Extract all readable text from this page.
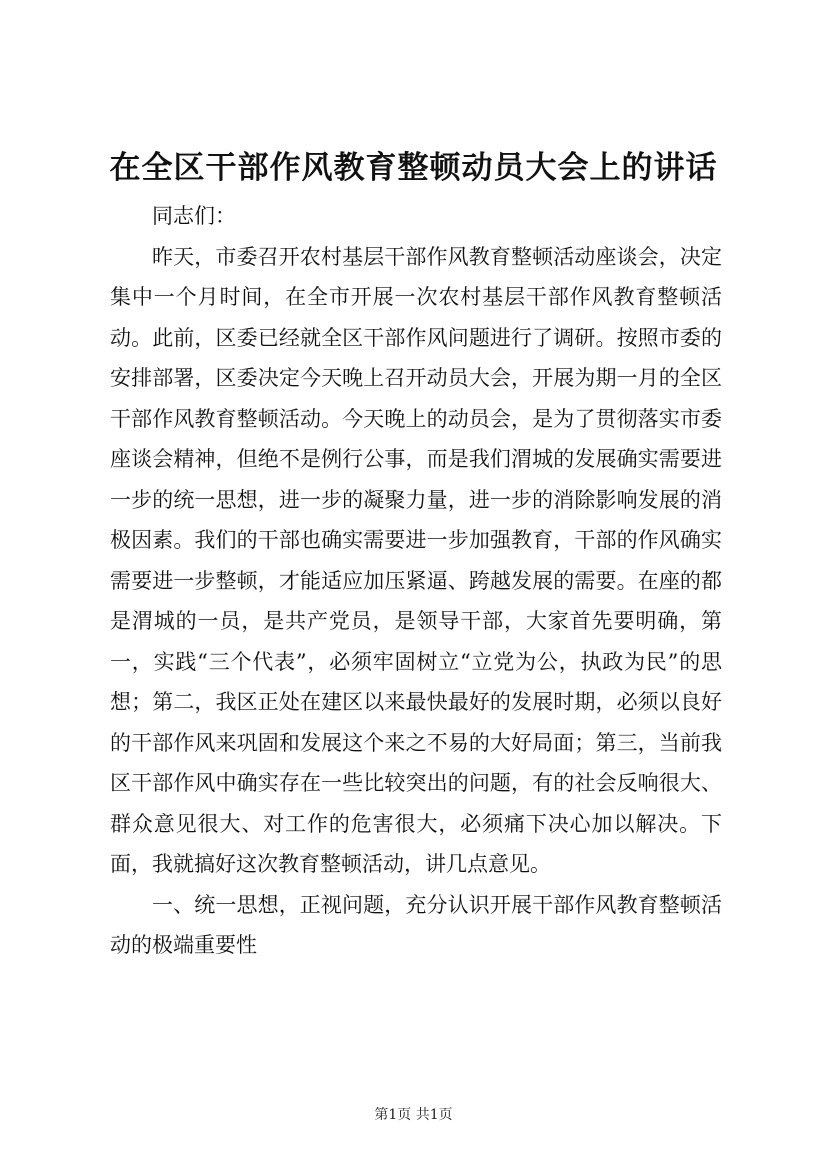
在全区干部作风教育整顿动员大会上的讲话

同志们：

昨天，市委召开农村基层干部作风教育整顿活动座谈会，决定集中一个月时间，在全市开展一次农村基层干部作风教育整顿活动。此前，区委已经就全区干部作风问题进行了调研。按照市委的安排部署，区委决定今天晚上召开动员大会，开展为期一月的全区干部作风教育整顿活动。今天晚上的动员会，是为了贯彻落实市委座谈会精神，但绝不是例行公事，而是我们渭城的发展确实需要进一步的统一思想，进一步的凝聚力量，进一步的消除影响发展的消极因素。我们的干部也确实需要进一步加强教育，干部的作风确实需要进一步整顿，才能适应加压紧逼、跨越发展的需要。在座的都是渭城的一员，是共产党员，是领导干部，大家首先要明确，第一，实践“三个代表”，必须牢固树立“立党为公，执政为民”的思想；第二，我区正处在建区以来最快最好的发展时期，必须以良好的干部作风来巩固和发展这个来之不易的大好局面；第三，当前我区干部作风中确实存在一些比较突出的问题，有的社会反响很大、群众意见很大、对工作的危害很大，必须痛下决心加以解决。下面，我就搞好这次教育整顿活动，讲几点意见。

一、统一思想，正视问题，充分认识开展干部作风教育整顿活动的极端重要性

第1页 共1页
